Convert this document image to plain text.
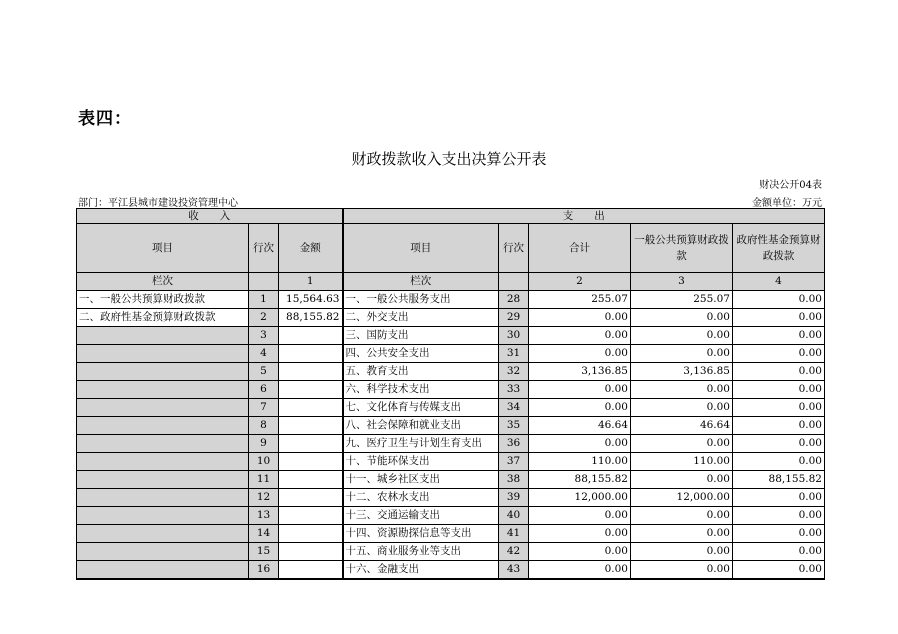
表四：
财政拨款收入支出决算公开表
财决公开04表
部门：平江县城市建设投资管理中心	金额单位：万元
收　　入			支　　出				
项目	行次	金额	项目	行次	合计	一般公共预算财政拨款	政府性基金预算财政拨款
栏次		1	栏次		2	3	4
一、一般公共预算财政拨款	1	15,564.63	一、一般公共服务支出	28	255.07	255.07	0.00
二、政府性基金预算财政拨款	2	88,155.82	二、外交支出	29	0.00	0.00	0.00
	3		三、国防支出	30	0.00	0.00	0.00
	4		四、公共安全支出	31	0.00	0.00	0.00
	5		五、教育支出	32	3,136.85	3,136.85	0.00
	6		六、科学技术支出	33	0.00	0.00	0.00
	7		七、文化体育与传媒支出	34	0.00	0.00	0.00
	8		八、社会保障和就业支出	35	46.64	46.64	0.00
	9		九、医疗卫生与计划生育支出	36	0.00	0.00	0.00
	10		十、节能环保支出	37	110.00	110.00	0.00
	11		十一、城乡社区支出	38	88,155.82	0.00	88,155.82
	12		十二、农林水支出	39	12,000.00	12,000.00	0.00
	13		十三、交通运输支出	40	0.00	0.00	0.00
	14		十四、资源勘探信息等支出	41	0.00	0.00	0.00
	15		十五、商业服务业等支出	42	0.00	0.00	0.00
	16		十六、金融支出	43	0.00	0.00	0.00
